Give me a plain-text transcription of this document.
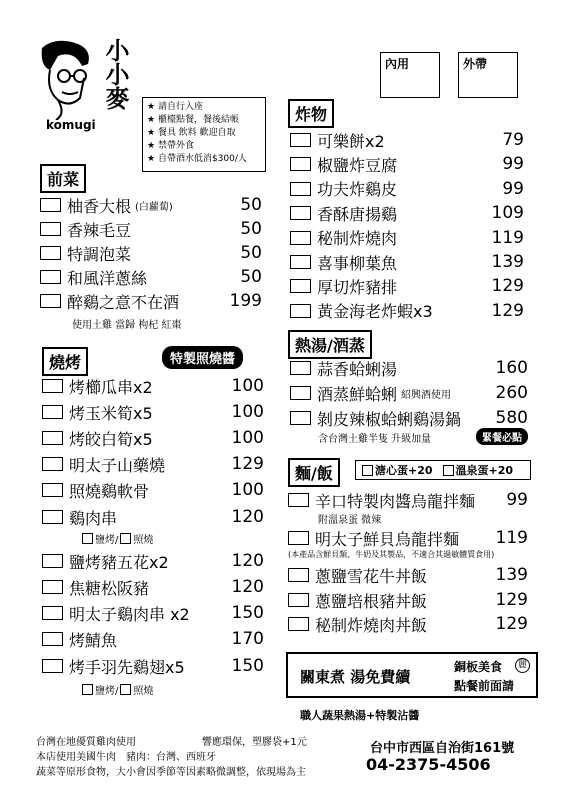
小小麥
komugi
★ 請自行入座
★ 櫃檯點餐，餐後結帳
★ 餐具 飲料 歡迎自取
★ 禁帶外食
★ 自帶酒水低消$300/人
內用	外帶
前菜
柚香大根 (白蘿蔔)	50
香辣毛豆	50
特調泡菜	50
和風洋蔥絲	50
醉鷄之意不在酒	199
使用土雞 當歸 枸杞 紅棗
燒烤	特製照燒醬
烤櫛瓜串x2	100
烤玉米筍x5	100
烤皎白筍x5	100
明太子山藥燒	129
照燒鷄軟骨	100
鷄肉串	120
鹽烤豬五花x2	120
焦糖松阪豬	120
明太子鷄肉串 x2	150
烤鯖魚	170
烤手羽先鷄翅x5	150
鹽烤/ 照燒
鹽烤/ 照燒
炸物
可樂餅x2	79
椒鹽炸豆腐	99
功夫炸鷄皮	99
香酥唐揚鷄	109
秘制炸燒肉	119
喜事柳葉魚	139
厚切炸豬排	129
黃金海老炸蝦x3	129
熱湯/酒蒸
蒜香蛤蜊湯	160
酒蒸鮮蛤蜊 紹興酒使用	260
剝皮辣椒蛤蜊鷄湯鍋	580
含台灣土雞半隻 升級加量	緊餐必點
麵/飯	溏心蛋+20 溫泉蛋+20
辛口特製肉醬烏龍拌麵	99
附溫泉蛋 微辣
明太子鮮貝烏龍拌麵	119
(本產品含鮮貝類、牛奶及其製品，不適合其過敏體質食用)
蔥鹽雪花牛丼飯	139
蔥鹽培根豬丼飯	129
秘制炸燒肉丼飯	129
關東煮 湯免費續
銅板美食	麗
點餐前面請
職人蔬果熱湯+特製沾醬
台灣在地優質雞肉使用	響應環保，塑膠袋+1元
本店使用美國牛肉　豬肉：台灣、西班牙
蔬菜等原形食物，大小會因季節等因素略微調整，依現場為主
台中市西區自治街161號
04-2375-4506
